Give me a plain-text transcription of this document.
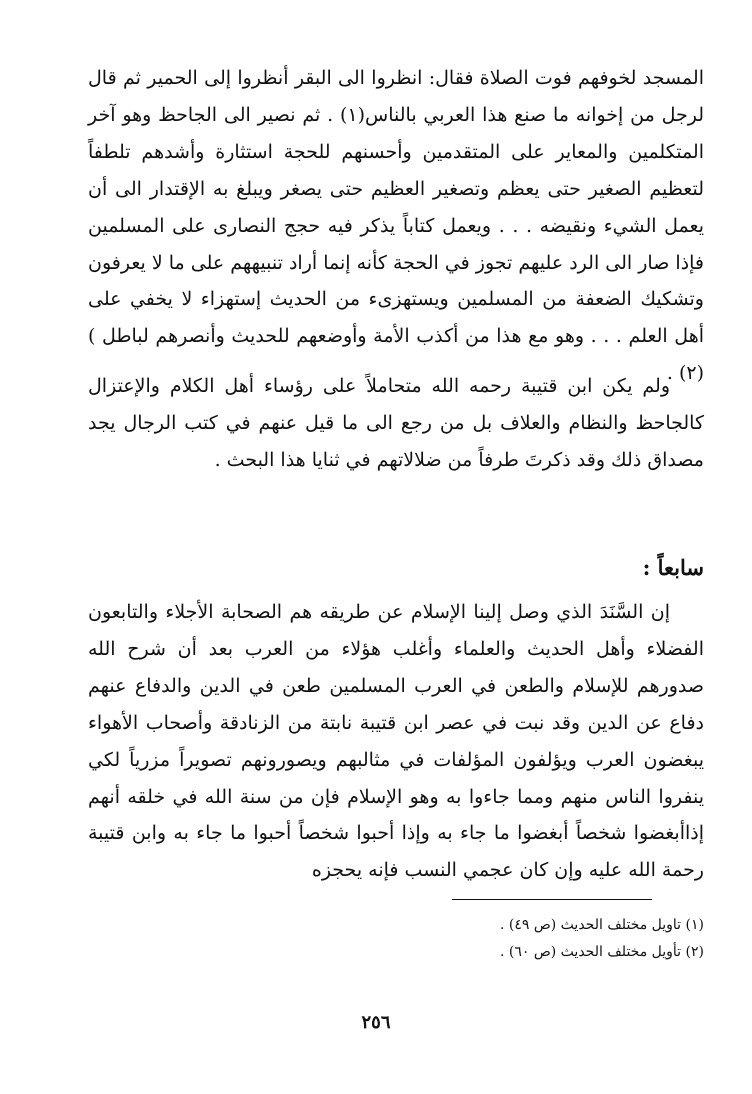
المسجد لخوفهم فوت الصلاة فقال: انظروا الى البقر أنظروا إلى الحمير ثم قال لرجل من إخوانه ما صنع هذا العربي بالناس(١) . ثم نصير الى الجاحظ وهو آخر المتكلمين والمعاير على المتقدمين وأحسنهم للحجة استثارة وأشدهم تلطفاً لتعظيم الصغير حتى يعظم وتصغير العظيم حتى يصغر ويبلغ به الإقتدار الى أن يعمل الشيء ونقيضه . . . ويعمل كتاباً يذكر فيه حجج النصارى على المسلمين فإذا صار الى الرد عليهم تجوز في الحجة كأنه إنما أراد تنبيههم على ما لا يعرفون وتشكيك الضعفة من المسلمين ويستهزىء من الحديث إستهزاء لا يخفي على أهل العلم . . . وهو مع هذا من أكذب الأمة وأوضعهم للحديث وأنصرهم لباطل )(٢) .
ولم يكن ابن قتيبة رحمه الله متحاملاً على رؤساء أهل الكلام والإعتزال كالجاحظ والنظام والعلاف بل من رجع الى ما قيل عنهم في كتب الرجال يجد مصداق ذلك وقد ذكرتَ طرفاً من ضلالاتهم في ثنايا هذا البحث .
سابعاً :
إن السَّنَدَ الذي وصل إلينا الإسلام عن طريقه هم الصحابة الأجلاء والتابعون الفضلاء وأهل الحديث والعلماء وأغلب هؤلاء من العرب بعد أن شرح الله صدورهم للإسلام والطعن في العرب المسلمين طعن في الدين والدفاع عنهم دفاع عن الدين وقد نبت في عصر ابن قتيبة نابتة من الزنادقة وأصحاب الأهواء يبغضون العرب ويؤلفون المؤلفات في مثالبهم ويصورونهم تصويراً مزرياً لكي ينفروا الناس منهم ومما جاءوا به وهو الإسلام فإن من سنة الله في خلقه أنهم إذاأبغضوا شخصاً أبغضوا ما جاء به وإذا أحبوا شخصاً أحبوا ما جاء به وابن قتيبة رحمة الله عليه وإن كان عجمي النسب فإنه يحجزه
(١) تاويل مختلف الحديث (ص ٤٩) .
(٢) تأويل مختلف الحديث (ص ٦٠) .
٢٥٦
